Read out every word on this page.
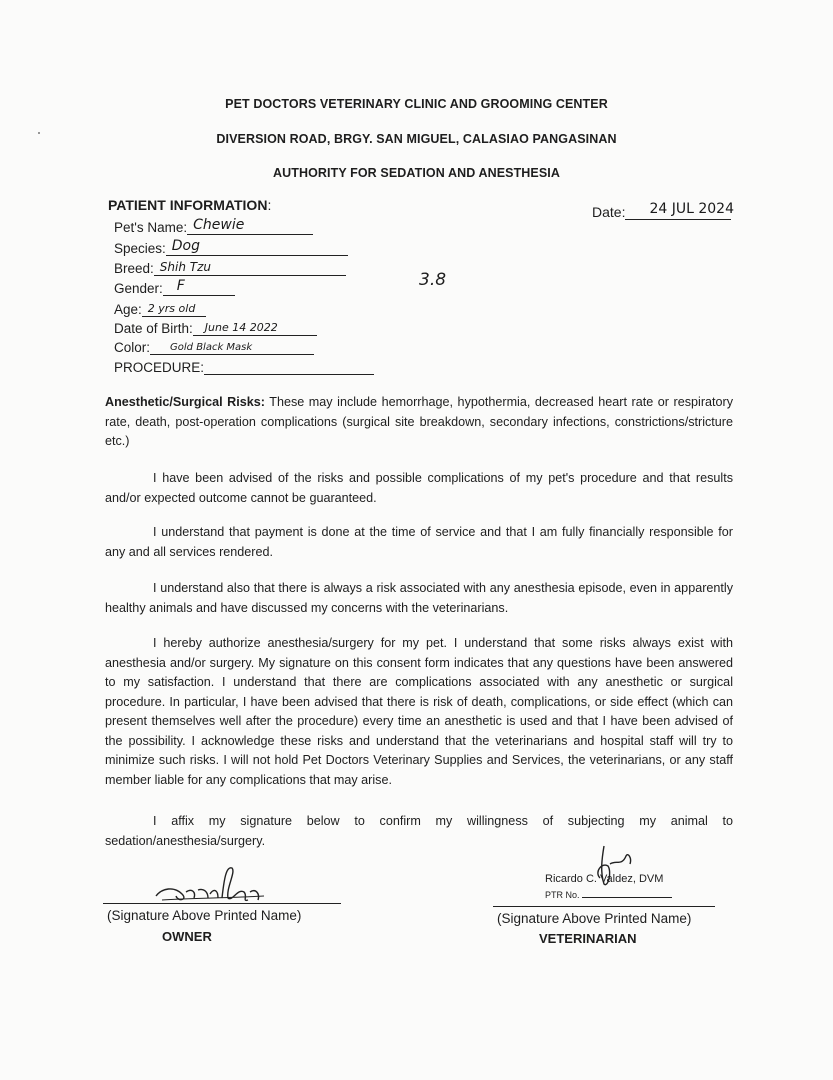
PET DOCTORS VETERINARY CLINIC AND GROOMING CENTER
DIVERSION ROAD, BRGY. SAN MIGUEL, CALASIAO PANGASINAN
AUTHORITY FOR SEDATION AND ANESTHESIA
PATIENT INFORMATION:
Pet's Name: Chewie
Species: Dog
Breed: Shih Tzu
Gender: F
Age: 2 yrs old
Date of Birth: June 14 2022
Color: Gold Black Mask
PROCEDURE:
Date: 24 JUL 2024
3.8
Anesthetic/Surgical Risks: These may include hemorrhage, hypothermia, decreased heart rate or respiratory rate, death, post-operation complications (surgical site breakdown, secondary infections, constrictions/stricture etc.)
I have been advised of the risks and possible complications of my pet's procedure and that results and/or expected outcome cannot be guaranteed.
I understand that payment is done at the time of service and that I am fully financially responsible for any and all services rendered.
I understand also that there is always a risk associated with any anesthesia episode, even in apparently healthy animals and have discussed my concerns with the veterinarians.
I hereby authorize anesthesia/surgery for my pet. I understand that some risks always exist with anesthesia and/or surgery. My signature on this consent form indicates that any questions have been answered to my satisfaction. I understand that there are complications associated with any anesthetic or surgical procedure. In particular, I have been advised that there is risk of death, complications, or side effect (which can present themselves well after the procedure) every time an anesthetic is used and that I have been advised of the possibility. I acknowledge these risks and understand that the veterinarians and hospital staff will try to minimize such risks. I will not hold Pet Doctors Veterinary Supplies and Services, the veterinarians, or any staff member liable for any complications that may arise.
I affix my signature below to confirm my willingness of subjecting my animal to sedation/anesthesia/surgery.
(Signature Above Printed Name)
OWNER
Ricardo C. Valdez, DVM
PTR No.
(Signature Above Printed Name)
VETERINARIAN
